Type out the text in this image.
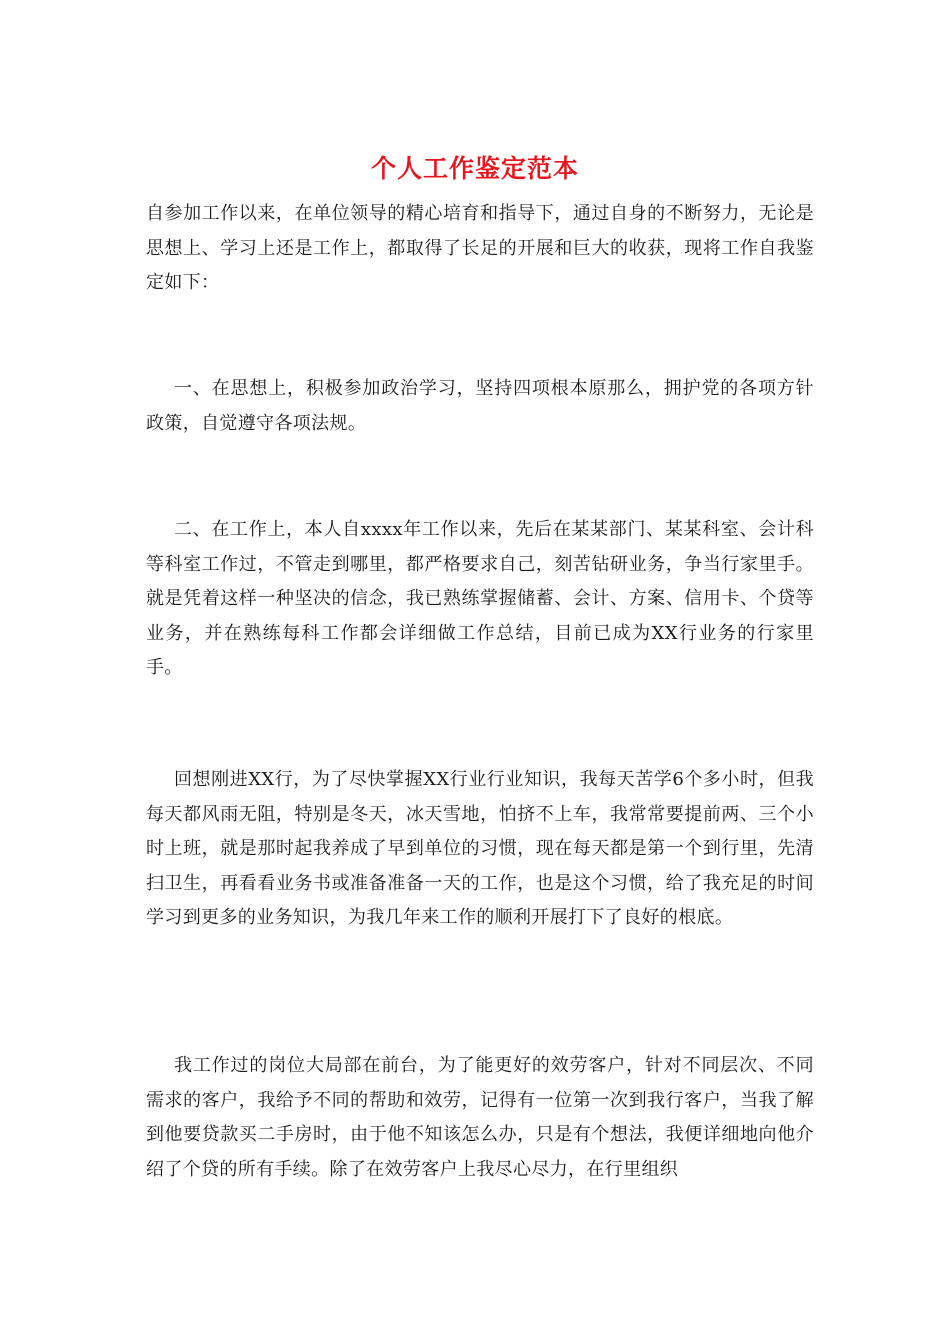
个人工作鉴定范本

自参加工作以来，在单位领导的精心培育和指导下，通过自身的不断努力，无论是思想上、学习上还是工作上，都取得了长足的开展和巨大的收获，现将工作自我鉴定如下：

一、在思想上，积极参加政治学习，坚持四项根本原那么，拥护党的各项方针政策，自觉遵守各项法规。

二、在工作上，本人自xxxx年工作以来，先后在某某部门、某某科室、会计科等科室工作过，不管走到哪里，都严格要求自己，刻苦钻研业务，争当行家里手。就是凭着这样一种坚决的信念，我已熟练掌握储蓄、会计、方案、信用卡、个贷等业务，并在熟练每科工作都会详细做工作总结，目前已成为XX行业务的行家里手。

回想刚进XX行，为了尽快掌握XX行业行业知识，我每天苦学6个多小时，但我每天都风雨无阻，特别是冬天，冰天雪地，怕挤不上车，我常常要提前两、三个小时上班，就是那时起我养成了早到单位的习惯，现在每天都是第一个到行里，先清扫卫生，再看看业务书或准备准备一天的工作，也是这个习惯，给了我充足的时间学习到更多的业务知识，为我几年来工作的顺利开展打下了良好的根底。

我工作过的岗位大局部在前台，为了能更好的效劳客户，针对不同层次、不同需求的客户，我给予不同的帮助和效劳，记得有一位第一次到我行客户，当我了解到他要贷款买二手房时，由于他不知该怎么办，只是有个想法，我便详细地向他介绍了个贷的所有手续。除了在效劳客户上我尽心尽力，在行里组织
